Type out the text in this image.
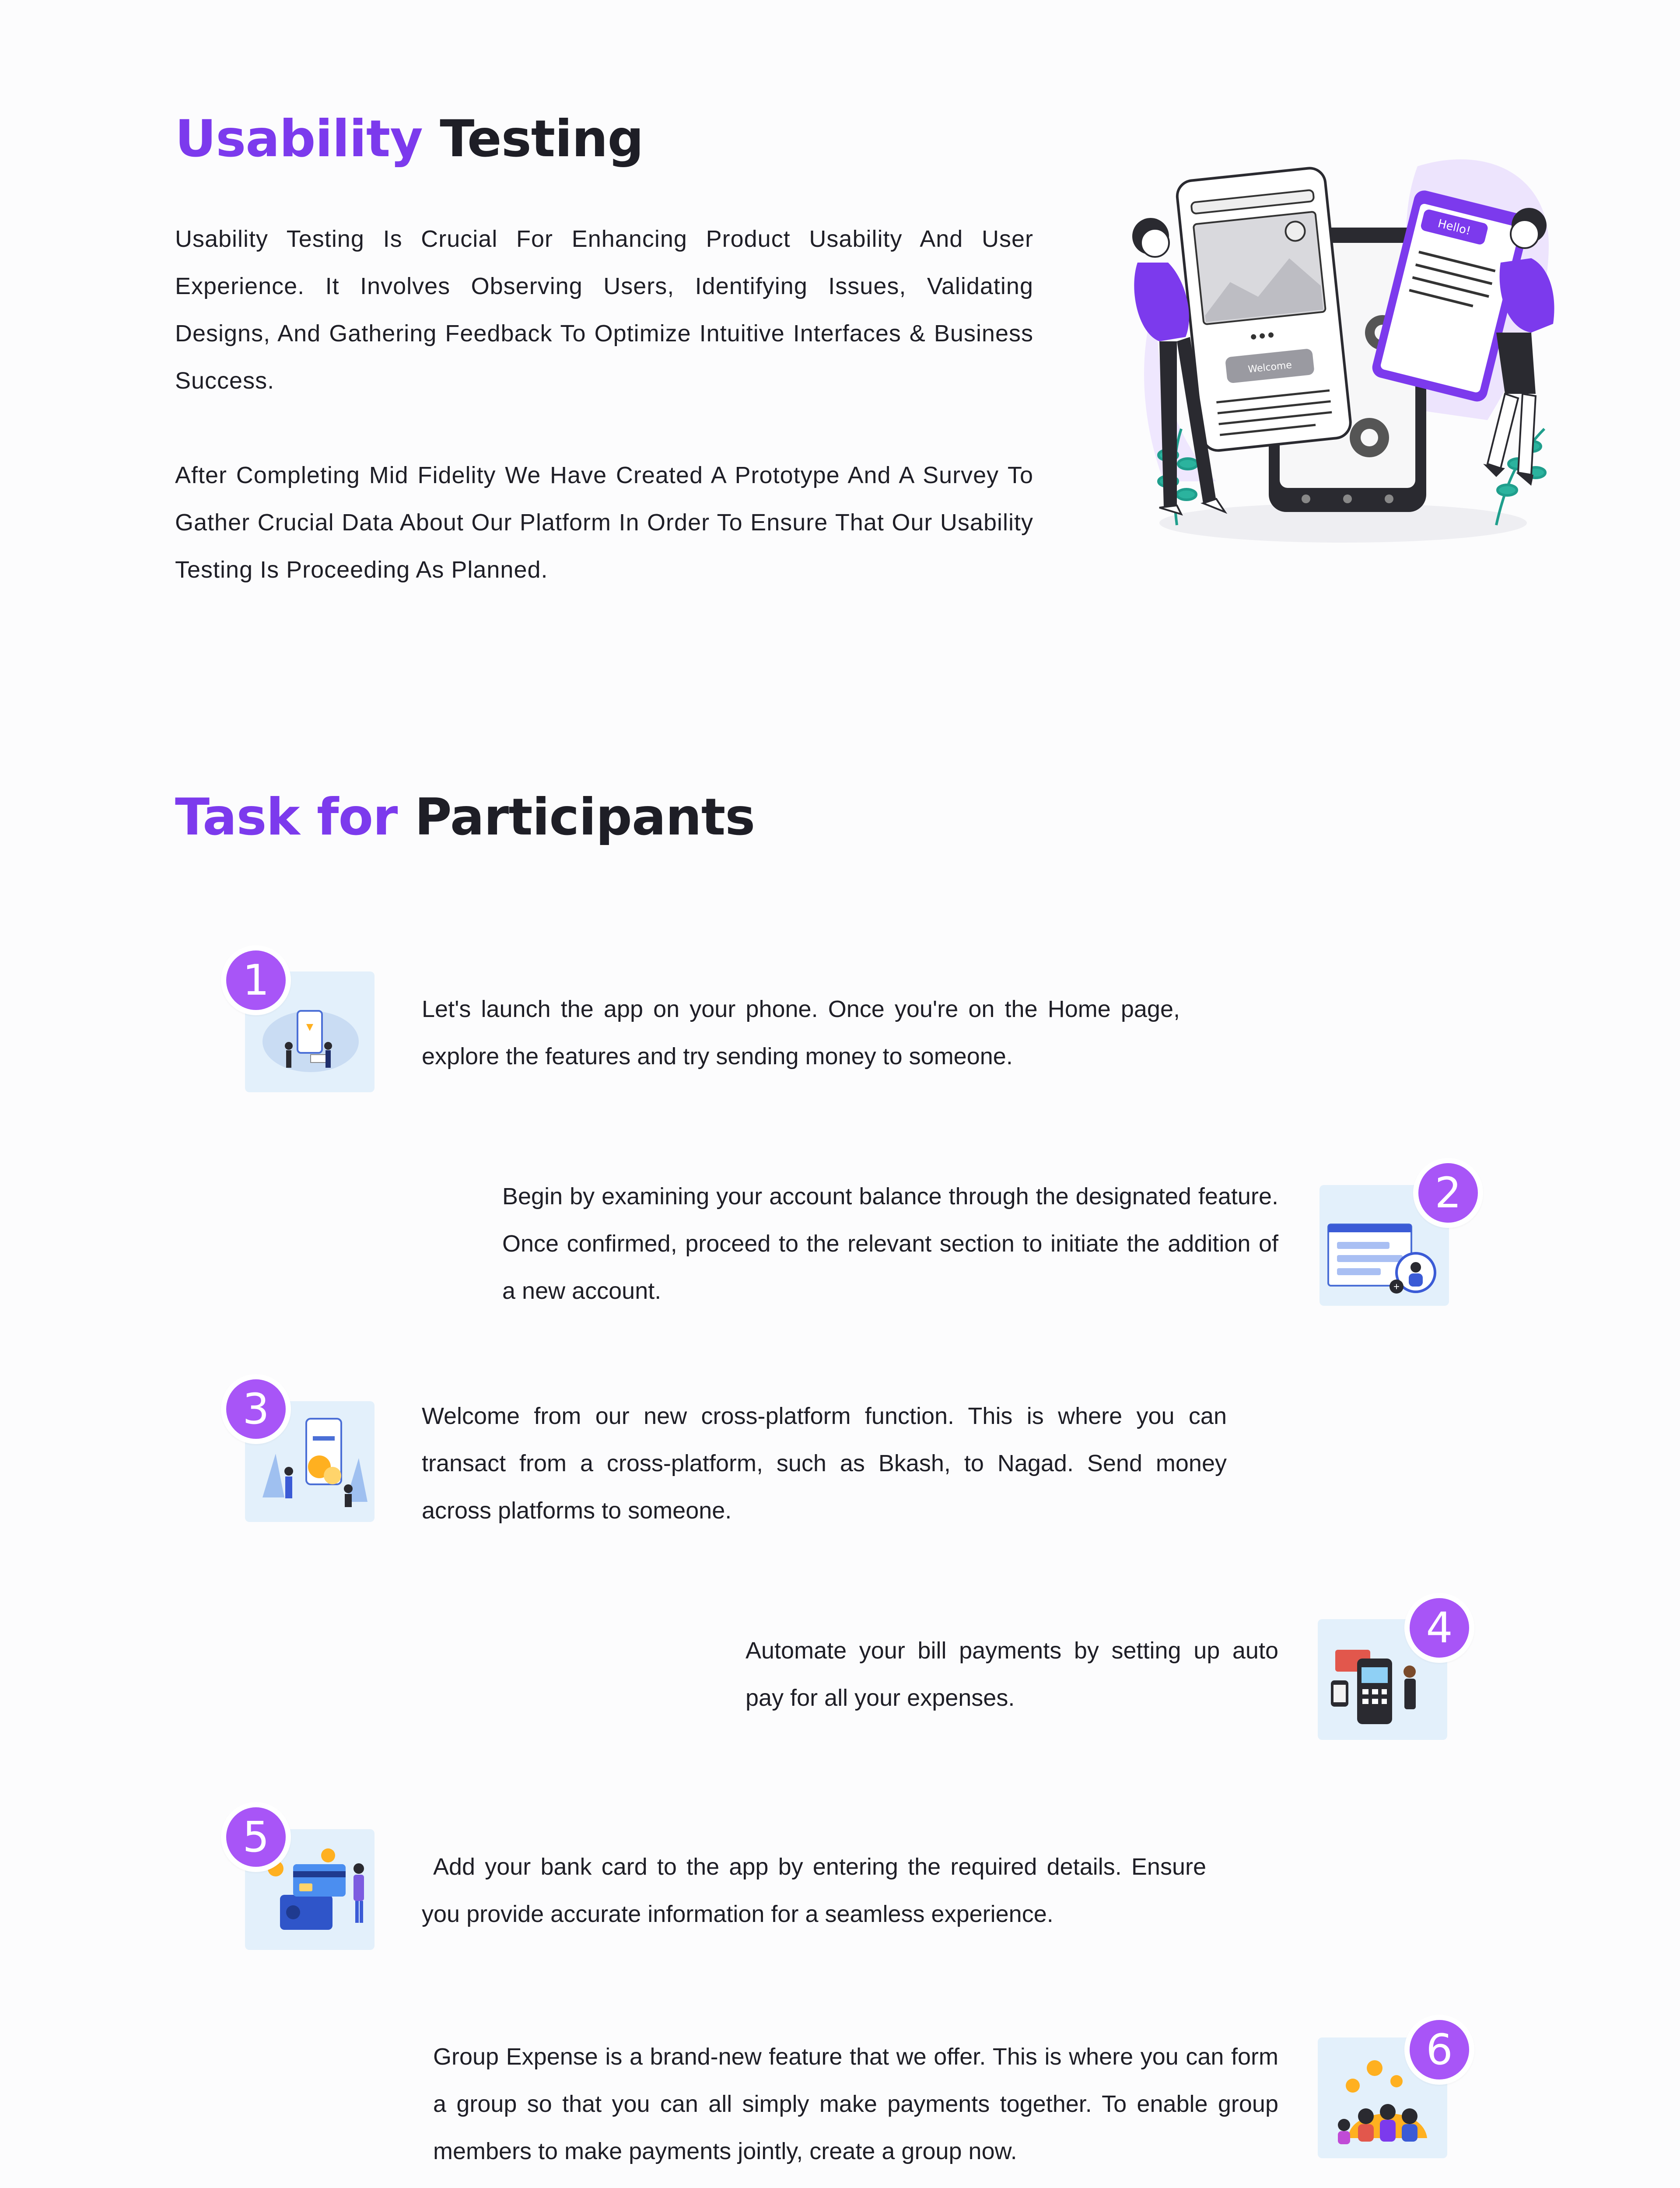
Usability Testing

Usability Testing Is Crucial For Enhancing Product Usability And User Experience. It Involves Observing Users, Identifying Issues, Validating Designs, And Gathering Feedback To Optimize Intuitive Interfaces & Business Success.

After Completing Mid Fidelity We Have Created A Prototype And A Survey To Gather Crucial Data About Our Platform In Order To Ensure That Our Usability Testing Is Proceeding As Planned.

Hello!
Welcome
Task for Participants
1

Let's launch the app on your phone. Once you're on the Home page, explore the features and try sending money to someone.

Begin by examining your account balance through the designated feature. Once confirmed, proceed to the relevant section to initiate the addition of a new account.	+
2
3	Welcome from our new cross-platform function. This is where you can transact from a cross-platform, such as Bkash, to Nagad. Send money across platforms to someone.

Automate your bill payments by setting up auto pay for all your expenses.

4
5

Add your bank card to the app by entering the required details. Ensure you provide accurate information for a seamless experience.

Group Expense is a brand-new feature that we offer. This is where you can form a group so that you can all simply make payments together. To enable group members to make payments jointly, create a group now.

6
